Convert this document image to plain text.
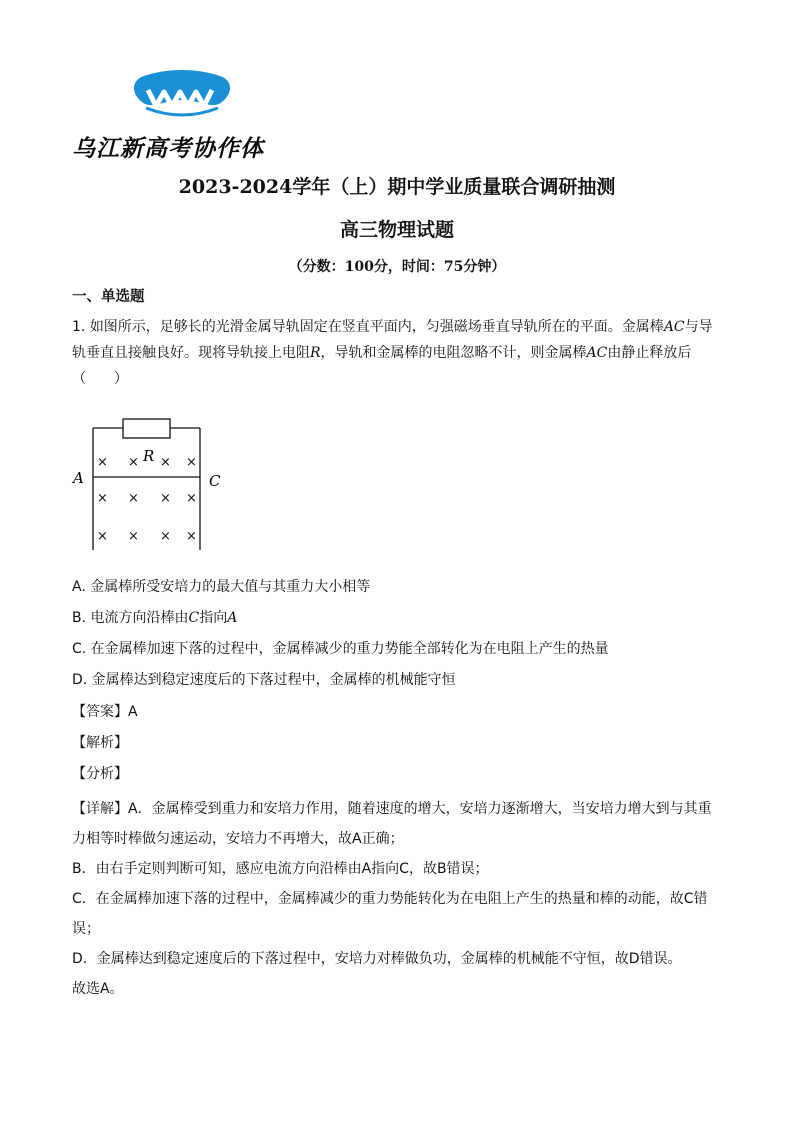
乌江新高考协作体
2023-2024学年（上）期中学业质量联合调研抽测
高三物理试题
（分数：100分，时间：75分钟）
一、单选题
1. 如图所示，足够长的光滑金属导轨固定在竖直平面内，匀强磁场垂直导轨所在的平面。金属棒AC与导轨垂直且接触良好。现将导轨接上电阻R，导轨和金属棒的电阻忽略不计，则金属棒AC由静止释放后（　　）
R
A	C
× × × ×
× × × ×
× × × ×
A. 金属棒所受安培力的最大值与其重力大小相等
B. 电流方向沿棒由C指向A
C. 在金属棒加速下落的过程中，金属棒减少的重力势能全部转化为在电阻上产生的热量
D. 金属棒达到稳定速度后的下落过程中，金属棒的机械能守恒
【答案】A
【解析】
【分析】
【详解】A．金属棒受到重力和安培力作用，随着速度的增大，安培力逐渐增大，当安培力增大到与其重力相等时棒做匀速运动，安培力不再增大，故A正确；
B．由右手定则判断可知，感应电流方向沿棒由A指向C，故B错误；
C．在金属棒加速下落的过程中，金属棒减少的重力势能转化为在电阻上产生的热量和棒的动能，故C错误；
D．金属棒达到稳定速度后的下落过程中，安培力对棒做负功，金属棒的机械能不守恒，故D错误。
故选A。
